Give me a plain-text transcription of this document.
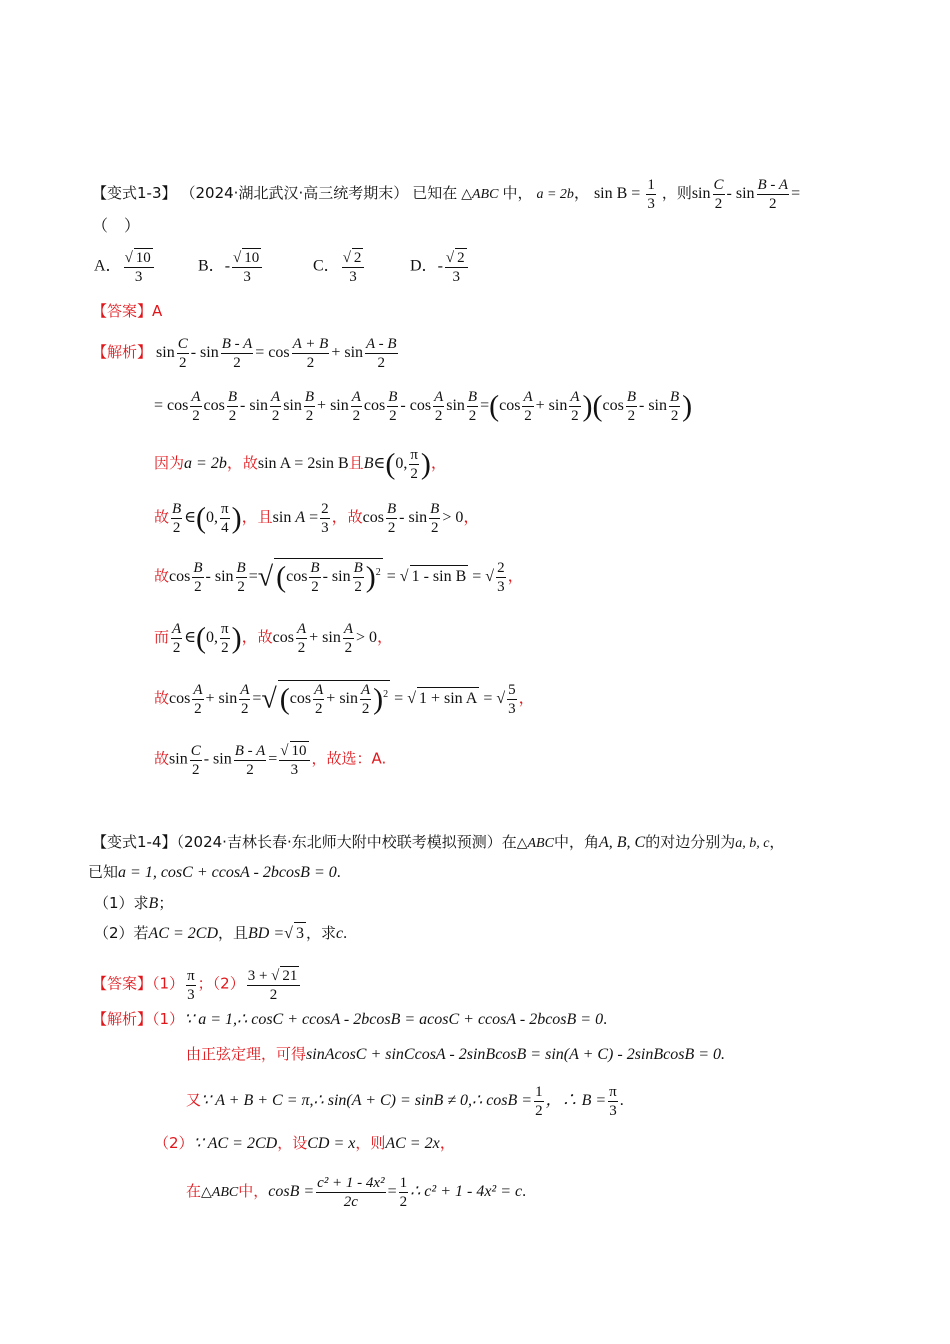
【变式1-3】 （2024·湖北武汉·高三统考期末） 已知在 △ABC 中， a = 2b， $\sin B = \frac{1}{3}$ ，则$\sin \frac{C}{2}$ - $\sin \frac{B - A}{2}$ =
（　）
A． $\frac{√ 10}{3}$	B．- $\frac{√ 10}{3}$	C． $\frac{√ 2}{3}$	D．- $\frac{√ 2}{3}$
【答案】A
【解析】 $\sin \frac{C}{2} - \sin \frac{B - A}{2} = \cos \frac{A + B}{2} + \sin \frac{A - B}{2}$
= $\cos \frac{A}{2}$ $\cos \frac{B}{2}$ - $\sin \frac{A}{2}$ $\sin \frac{B}{2} + \sin \frac{A}{2}$ $\cos \frac{B}{2}$ - $\cos \frac{A}{2}$ $\sin \frac{B}{2} =(\cos \frac{A}{2} + \sin \frac{A}{2} )(\cos \frac{B}{2} - \sin \frac{B}{2}$ )
因为a = 2b，故sin A = 2sin B且B∈(0, $\frac{\pi}{2}$ )，
故 $\frac{B}{2}$ ∈(0, $\frac{\pi}{4}$ )，且$\sin A = \frac{2}{3}$ ，故$\cos \frac{B}{2} - \sin \frac{B}{2} > 0$，
故$\cos \frac{B}{2}$ - $\sin \frac{B}{2}$ =√ ($\cos \frac{B}{2}$ - $\sin \frac{B}{2} )^2$ = √ 1 - sin B = √ $\frac{2}{3}$ ，
而 $\frac{A}{2}$ ∈(0, $\frac{\pi}{2}$ )，故$\cos \frac{A}{2} + \sin \frac{A}{2} > 0$，
故$\cos \frac{A}{2} + \sin \frac{A}{2}$ =√ $(\cos \frac{A}{2} + \sin \frac{A}{2} )^2$ = √ 1 + sin A = √ $\frac{5}{3}$ ，
故$\sin \frac{C}{2} - \sin \frac{B - A}{2} = \frac{√ 10}{3}$ ，故选：A.
【变式1-4】（2024·吉林长春·东北师大附中校联考模拟预测）在△ABC中，角A, B, C的对边分别为a, b, c，
已知a = 1, cosC + ccosA - 2bcosB = 0.
（1）求B；
（2）若AC = 2CD，且BD =√ 3 ，求c.
【答案】$(1) \frac{\pi}{3}$ ；$(2) \frac{3 + √ 21}{2}$
【解析】（1）∵ a = 1,∴ cosC + ccosA - 2bcosB = acosC + ccosA - 2bcosB = 0.
由正弦定理，可得sinAcosC + sinCcosA - 2sinBcosB = sin(A + C) - 2sinBcosB = 0.
又∵ A + B + C = π,∴ sin(A + C) = sinB ≠ 0,∴ $\cos B = \frac{1}{2}$ ，∴ $B = \frac{\pi}{3}$ .
（2）∵ AC = 2CD，设CD = x，则AC = 2x，
在△ABC中，$\cos B = \frac{\text{c² + 1 - 4x²}}{2c} = \frac{1}{2}$ ∴ c² + 1 - 4x² = c.
